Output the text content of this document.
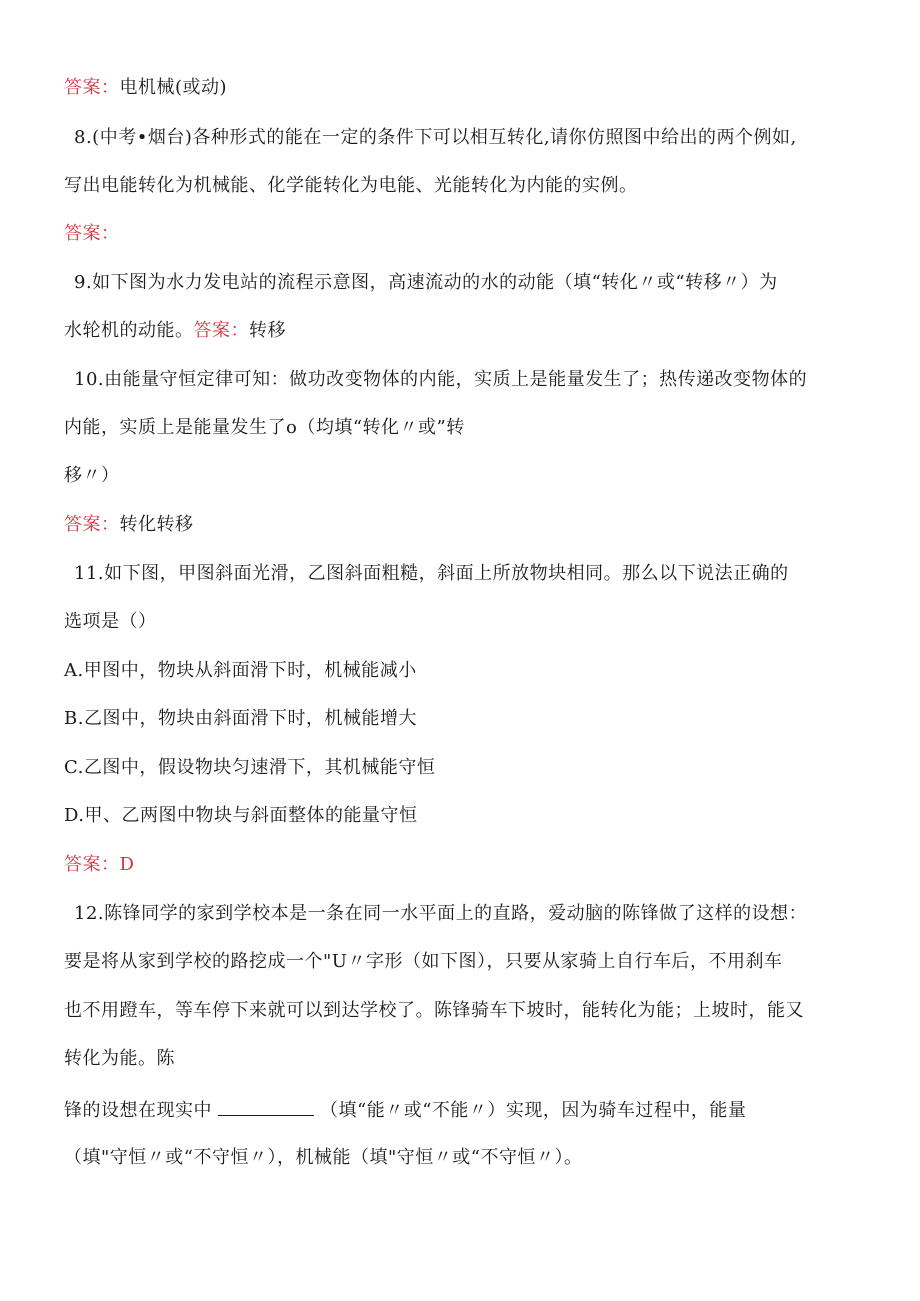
答案：电机械(或动)
8.(中考•烟台)各种形式的能在一定的条件下可以相互转化,请你仿照图中给出的两个例如,
写出电能转化为机械能、化学能转化为电能、光能转化为内能的实例。
答案：
9.如下图为水力发电站的流程示意图，高速流动的水的动能（填“转化〃或“转移〃）为
水轮机的动能。答案：转移
10.由能量守恒定律可知：做功改变物体的内能，实质上是能量发生了；热传递改变物体的
内能，实质上是能量发生了o（均填“转化〃或”转
移〃）
答案：转化转移
11.如下图，甲图斜面光滑，乙图斜面粗糙，斜面上所放物块相同。那么以下说法正确的
选项是（）
A.甲图中，物块从斜面滑下时，机械能减小
B.乙图中，物块由斜面滑下时，机械能增大
C.乙图中，假设物块匀速滑下，其机械能守恒
D.甲、乙两图中物块与斜面整体的能量守恒
答案：D
12.陈锋同学的家到学校本是一条在同一水平面上的直路，爱动脑的陈锋做了这样的设想：
要是将从家到学校的路挖成一个"U〃字形（如下图），只要从家骑上自行车后，不用刹车
也不用蹬车，等车停下来就可以到达学校了。陈锋骑车下坡时，能转化为能；上坡时，能又
转化为能。陈
锋的设想在现实中	（填“能〃或“不能〃）实现，因为骑车过程中，能量
（填"守恒〃或“不守恒〃），机械能（填"守恒〃或“不守恒〃）。
